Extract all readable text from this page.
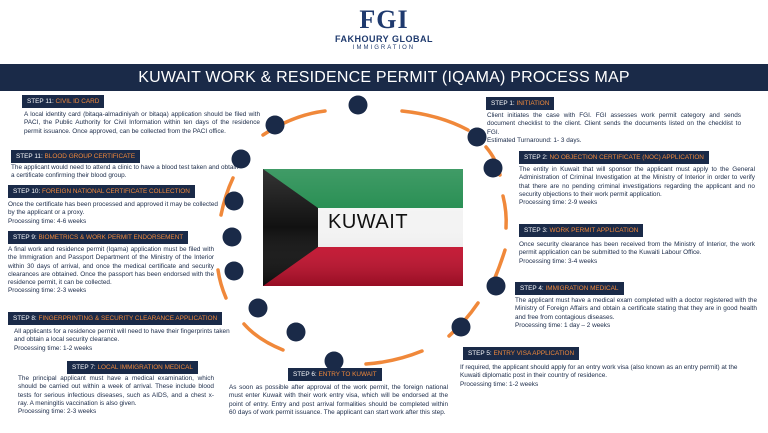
FGI
FAKHOURY GLOBAL
IMMIGRATION
KUWAIT WORK & RESIDENCE PERMIT (IQAMA) PROCESS MAP
KUWAIT
STEP 11: CIVIL ID CARD
A local identity card (bitaqa-almadiniyah or bitaqa) application should be filed with PACI, the Public Authority for Civil Information within ten days of the residence permit issuance. Once approved, can be collected from the PACI office.
STEP 11: BLOOD GROUP CERTIFICATE
The applicant would need to attend a clinic to have a blood test taken and obtain a certificate confirming their blood group.
STEP 10: FOREIGN NATIONAL CERTIFICATE COLLECTION
Once the certificate has been processed and approved it may be collected by the applicant or a proxy.
Processing time: 4-6 weeks
STEP 9: BIOMETRICS & WORK PERMIT ENDORSEMENT
A final work and residence permit (Iqama) application must be filed with the Immigration and Passport Department of the Ministry of the Interior within 30 days of arrival, and once the medical certificate and security clearances are obtained. Once the passport has been endorsed with the residence permit, it can be collected.
Processing time: 2-3 weeks
STEP 8: FINGERPRINTING & SECURITY CLEARANCE APPLICATION
All applicants for a residence permit will need to have their fingerprints taken and obtain a local security clearance.
Processing time: 1-2 weeks
STEP 7: LOCAL IMMIGRATION MEDICAL
The principal applicant must have a medical examination, which should be carried out within a week of arrival. These include blood tests for serious infectious diseases, such as AIDS, and a chest x-ray. A meningitis vaccination is also given.
Processing time: 2-3 weeks
STEP 6: ENTRY TO KUWAIT
As soon as possible after approval of the work permit, the foreign national must enter Kuwait with their work entry visa, which will be endorsed at the point of entry. Entry and post arrival formalities should be completed within 60 days of work permit issuance. The applicant can start work after this step.
STEP 1: INITIATION
Client initiates the case with FGI. FGI assesses work permit category and sends document checklist to the client. Client sends the documents listed on the checklist to FGI.
Estimated Turnaround: 1- 3 days.
STEP 2: NO OBJECTION CERTIFICATE (NOC) APPLICATION
The entity in Kuwait that will sponsor the applicant must apply to the General Administration of Criminal Investigation at the Ministry of Interior in order to verify that there are no pending criminal investigations regarding the applicant and no security objections to their work permit application.
Processing time: 2-9 weeks
STEP 3: WORK PERMIT APPLICATION
Once security clearance has been received from the Ministry of Interior, the work permit application can be submitted to the Kuwaiti Labour Office.
Processing time: 3-4 weeks
STEP 4: IMMIGRATION MEDICAL
The applicant must have a medical exam completed with a doctor registered with the Ministry of Foreign Affairs and obtain a certificate stating that they are in good health and free from contagious diseases.
Processing time: 1 day – 2 weeks
STEP 5: ENTRY VISA APPLICATION
If required, the applicant should apply for an entry work visa (also known as an entry permit) at the Kuwaiti diplomatic post in their country of residence.
Processing time: 1-2 weeks
